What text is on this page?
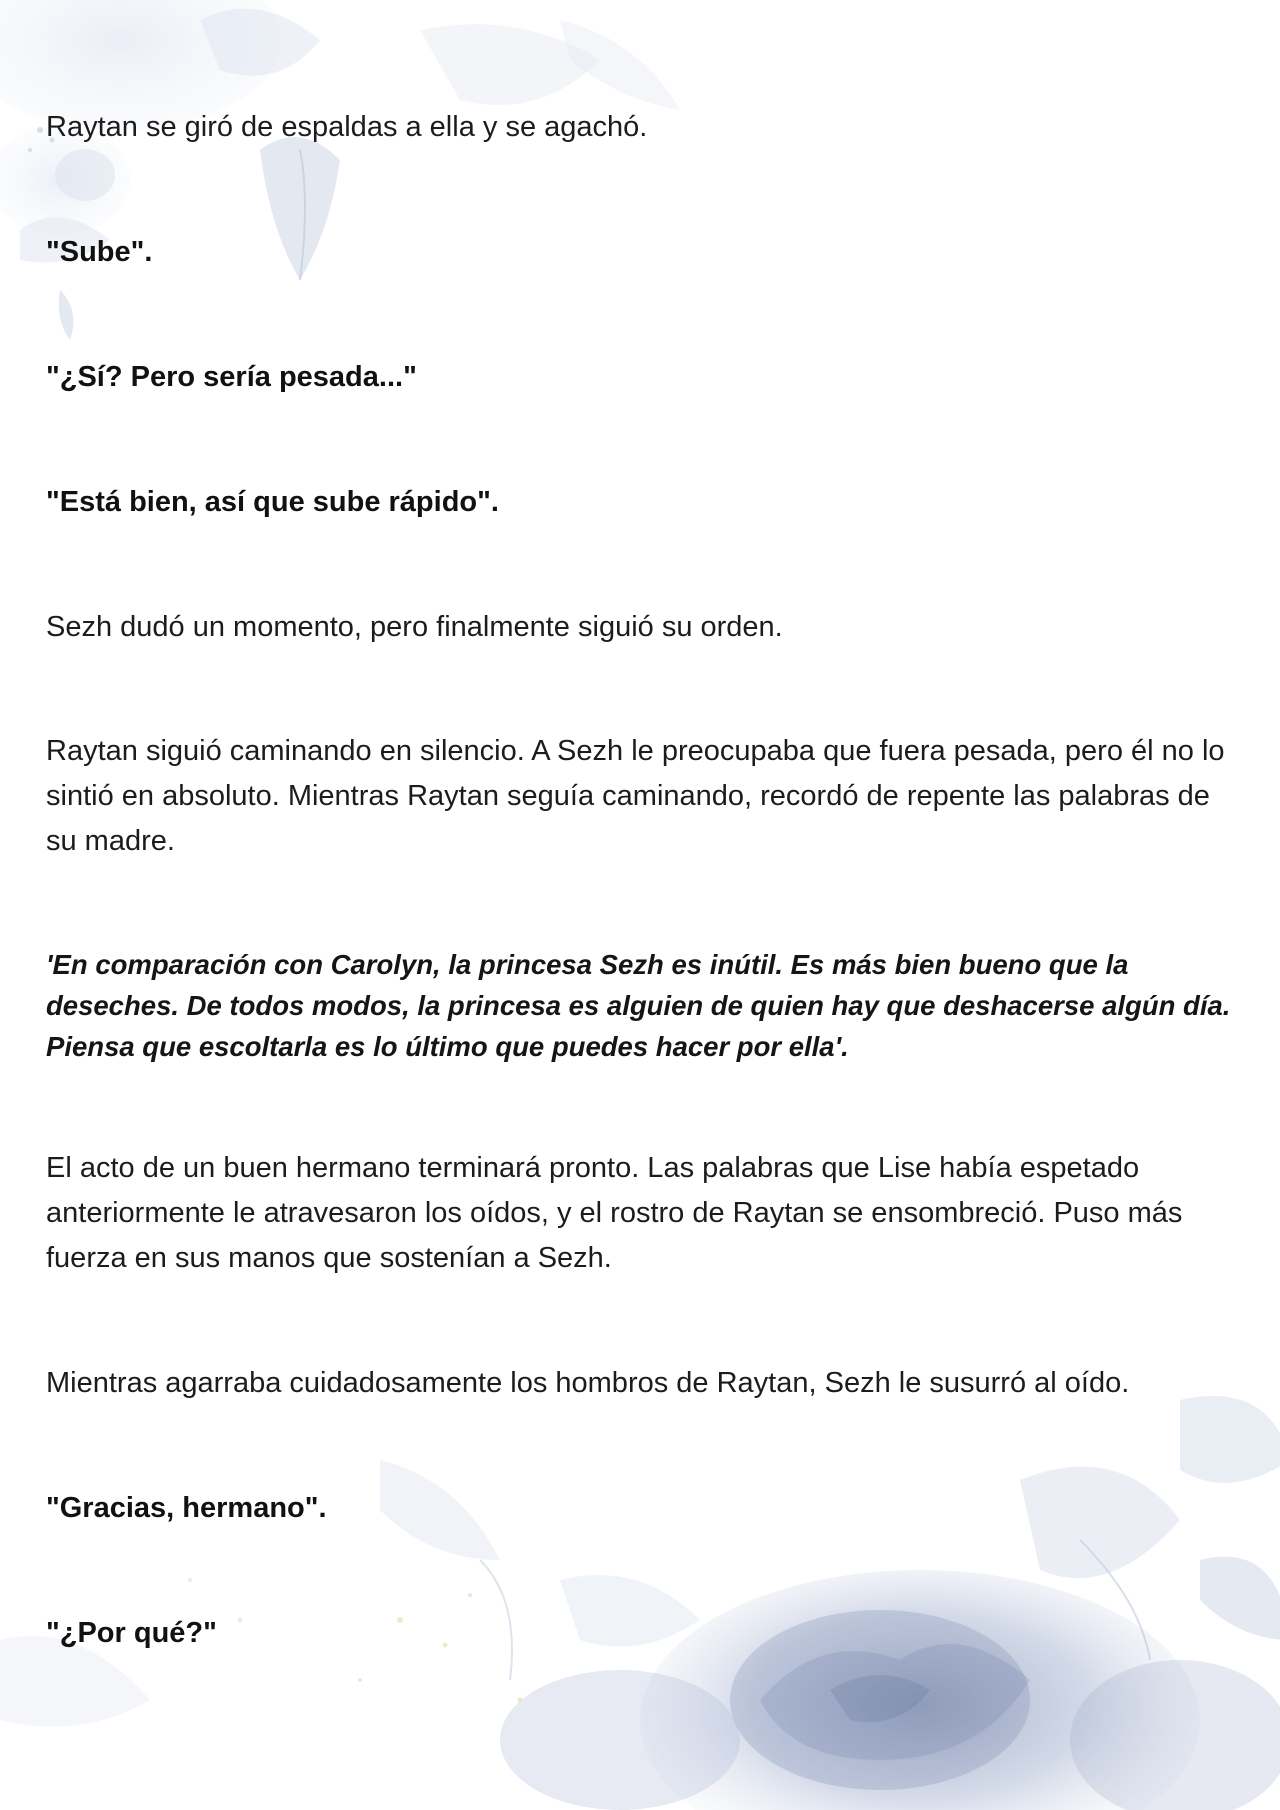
Raytan se giró de espaldas a ella y se agachó.

"Sube".

"¿Sí? Pero sería pesada..."

"Está bien, así que sube rápido".

Sezh dudó un momento, pero finalmente siguió su orden.

Raytan siguió caminando en silencio. A Sezh le preocupaba que fuera pesada, pero él no lo sintió en absoluto. Mientras Raytan seguía caminando, recordó de repente las palabras de su madre.

'En comparación con Carolyn, la princesa Sezh es inútil. Es más bien bueno que la deseches. De todos modos, la princesa es alguien de quien hay que deshacerse algún día. Piensa que escoltarla es lo último que puedes hacer por ella'.

El acto de un buen hermano terminará pronto. Las palabras que Lise había espetado anteriormente le atravesaron los oídos, y el rostro de Raytan se ensombreció. Puso más fuerza en sus manos que sostenían a Sezh.

Mientras agarraba cuidadosamente los hombros de Raytan, Sezh le susurró al oído.

"Gracias, hermano".

"¿Por qué?"
